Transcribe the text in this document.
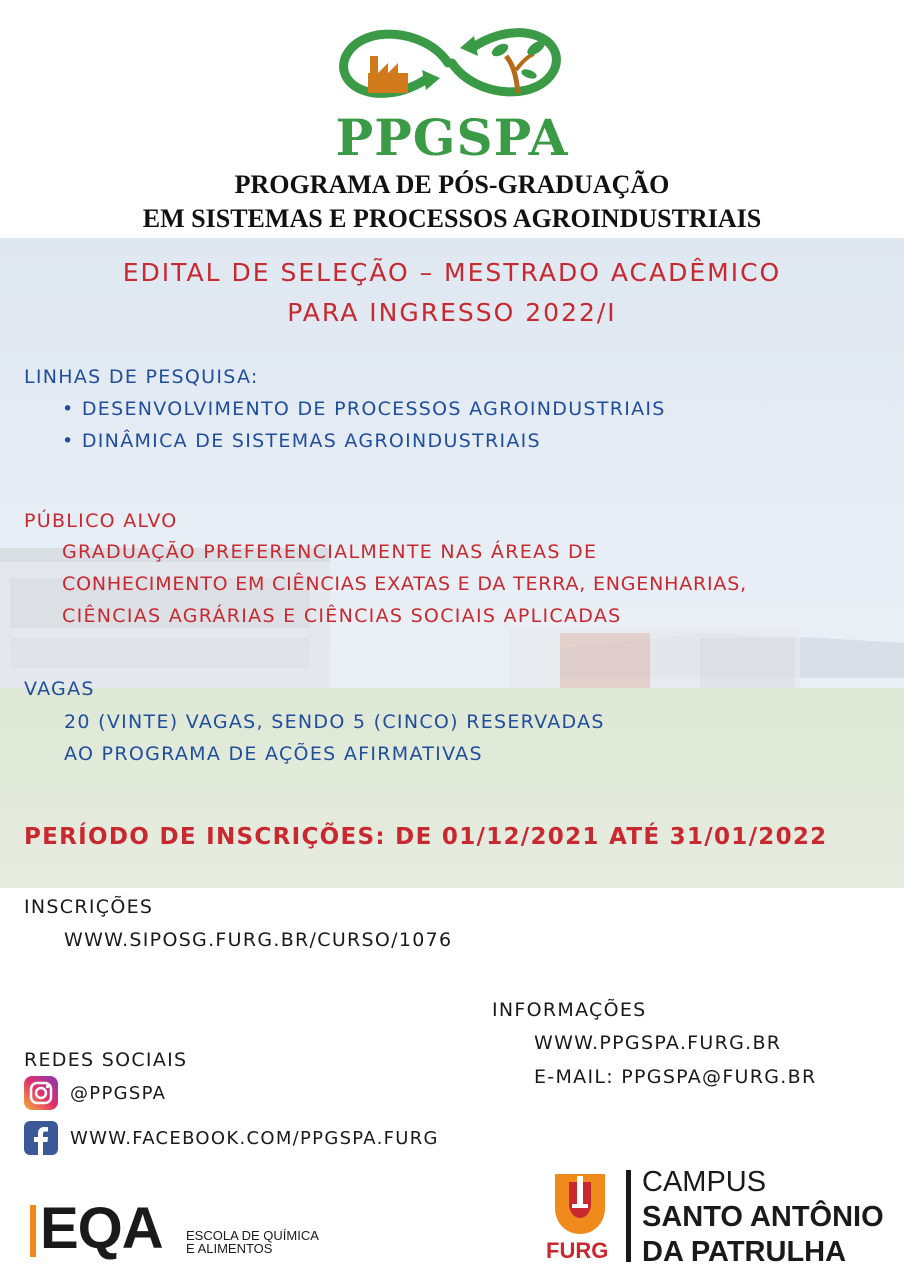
PPGSPA
PROGRAMA DE PÓS-GRADUAÇÃO
EM SISTEMAS E PROCESSOS AGROINDUSTRIAIS
EDITAL DE SELEÇÃO – MESTRADO ACADÊMICO
PARA INGRESSO 2022/I
LINHAS DE PESQUISA:
• DESENVOLVIMENTO DE PROCESSOS AGROINDUSTRIAIS
• DINÂMICA DE SISTEMAS AGROINDUSTRIAIS
PÚBLICO ALVO
GRADUAÇÃO PREFERENCIALMENTE NAS ÁREAS DE
CONHECIMENTO EM CIÊNCIAS EXATAS E DA TERRA, ENGENHARIAS,
CIÊNCIAS AGRÁRIAS E CIÊNCIAS SOCIAIS APLICADAS
VAGAS
20 (VINTE) VAGAS, SENDO 5 (CINCO) RESERVADAS
AO PROGRAMA DE AÇÕES AFIRMATIVAS
PERÍODO DE INSCRIÇÕES: DE 01/12/2021 ATÉ 31/01/2022
INSCRIÇÕES
WWW.SIPOSG.FURG.BR/CURSO/1076
INFORMAÇÕES
WWW.PPGSPA.FURG.BR
E-MAIL: PPGSPA@FURG.BR
REDES SOCIAIS
@PPGSPA
WWW.FACEBOOK.COM/PPGSPA.FURG
EQA ESCOLA DE QUÍMICA
E ALIMENTOS	FURG
CAMPUS
SANTO ANTÔNIO
DA PATRULHA
